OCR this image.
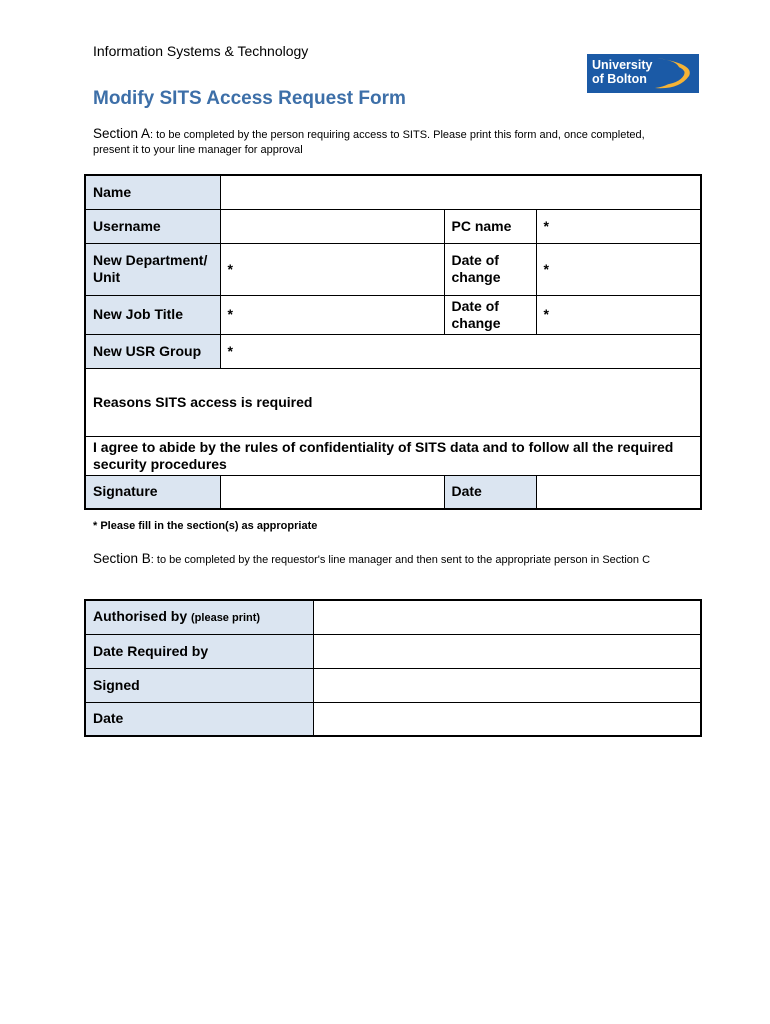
Information Systems & Technology
University
of Bolton
Modify SITS Access Request Form
Section A: to be completed by the person requiring access to SITS. Please print this form and, once completed, present it to your line manager for approval
Name			
Username		PC name	*
New Department/Unit	*	Date of change	*
New Job Title	*	Date of change	*
New USR Group	*		
Reasons SITS access is required			
I agree to abide by the rules of confidentiality of SITS data and to follow all the required security procedures			
Signature		Date	
* Please fill in the section(s) as appropriate
Section B: to be completed by the requestor's line manager and then sent to the appropriate person in Section C
Authorised by (please print)	
Date Required by	
Signed	
Date	
